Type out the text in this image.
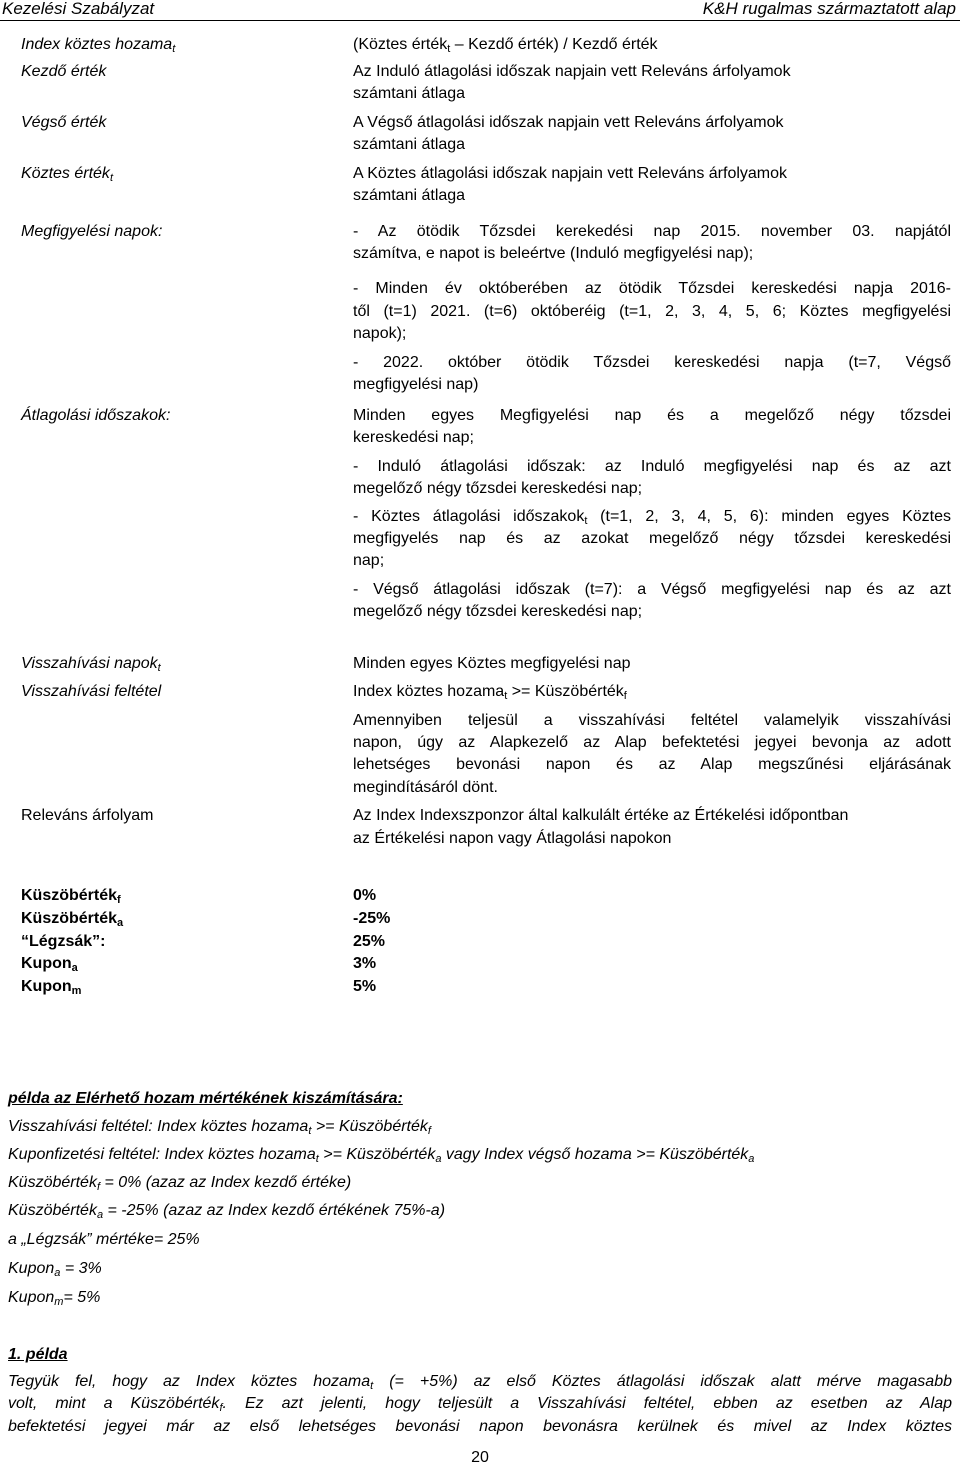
Kezelési Szabályzat	K&H rugalmas származtatott alap
Index köztes hozama$_t$	(Köztes érték$_t$ – Kezdő érték) / Kezdő érték
Kezdő érték	Az Induló átlagolási időszak napjain vett Releváns árfolyamok
számtani átlaga
Végső érték	A Végső átlagolási időszak napjain vett Releváns árfolyamok
számtani átlaga
Köztes érték$_t$	A Köztes átlagolási időszak napjain vett Releváns árfolyamok
számtani átlaga
Megfigyelési napok:	- Az ötödik Tőzsdei kerekedési nap 2015. november 03. napjától
számítva, e napot is beleértve (Induló megfigyelési nap);
- Minden év októberében az ötödik Tőzsdei kereskedési napja 2016-
től (t=1) 2021. (t=6) októberéig (t=1, 2, 3, 4, 5, 6; Köztes megfigyelési
napok);
- 2022. október ötödik Tőzsdei kereskedési napja (t=7, Végső
megfigyelési nap)
Átlagolási időszakok:	Minden egyes Megfigyelési nap és a megelőző négy tőzsdei
kereskedési nap;
- Induló átlagolási időszak: az Induló megfigyelési nap és az azt
megelőző négy tőzsdei kereskedési nap;
- Köztes átlagolási időszakok$_t$ (t=1, 2, 3, 4, 5, 6): minden egyes Köztes
megfigyelés nap és az azokat megelőző négy tőzsdei kereskedési
nap;
- Végső átlagolási időszak (t=7): a Végső megfigyelési nap és az azt
megelőző négy tőzsdei kereskedési nap;
Visszahívási napok$_t$	Minden egyes Köztes megfigyelési nap
Visszahívási feltétel	Index köztes hozama$_t$ >= Küszöbérték$_f$
Amennyiben teljesül a visszahívási feltétel valamelyik visszahívási
napon, úgy az Alapkezelő az Alap befektetési jegyei bevonja az adott
lehetséges bevonási napon és az Alap megszűnési eljárásának
megindításáról dönt.
Releváns árfolyam	Az Index Indexszponzor által kalkulált értéke az Értékelési időpontban
az Értékelési napon vagy Átlagolási napokon
Küszöbérték$_f$	0%
Küszöbérték$_a$	-25%
“Légzsák”:	25%
Kupon$_a$	3%
Kupon$_m$	5%
példa az Elérhető hozam mértékének kiszámítására:
Visszahívási feltétel: Index köztes hozama$_t$ >= Küszöbérték$_f$
Kuponfizetési feltétel: Index köztes hozama$_t$ >= Küszöbérték$_a$ vagy Index végső hozama >= Küszöbérték$_a$
Küszöbérték$_f$ = 0% (azaz az Index kezdő értéke)
Küszöbérték$_a$ = -25% (azaz az Index kezdő értékének 75%-a)
a „Légzsák” mértéke= 25%
Kupon$_a$ = 3%
Kupon$_m$= 5%
1. példa
Tegyük fel, hogy az Index köztes hozama$_t$ (= +5%) az első Köztes átlagolási időszak alatt mérve magasabb
volt, mint a Küszöbérték$_f$. Ez azt jelenti, hogy teljesült a Visszahívási feltétel, ebben az esetben az Alap
befektetési jegyei már az első lehetséges bevonási napon bevonásra kerülnek és mivel az Index köztes
20
